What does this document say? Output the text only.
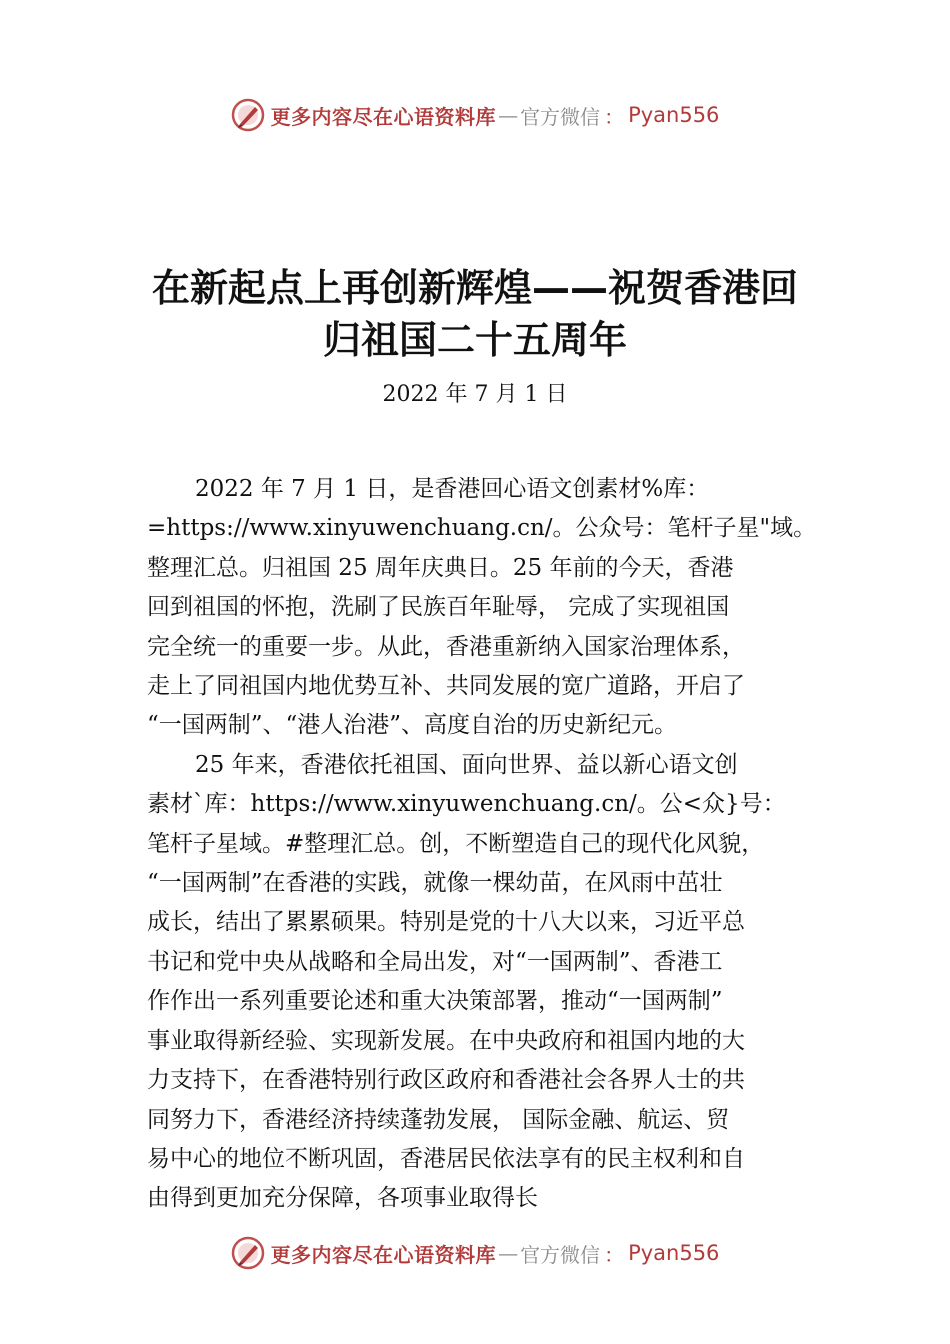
更多内容尽在心语资料库 — 官方微信 ： Pyan556
在新起点上再创新辉煌——祝贺香港回
归祖国二十五周年
2022 年 7 月 1 日
2022 年 7 月 1 日，是香港回心语文创素材%库：
=https://www.xinyuwenchuang.cn/。公众号：笔杆子星"域。
整理汇总。归祖国 25 周年庆典日。25 年前的今天，香港
回到祖国的怀抱，洗刷了民族百年耻辱， 完成了实现祖国
完全统一的重要一步。从此，香港重新纳入国家治理体系，
走上了同祖国内地优势互补、共同发展的宽广道路，开启了
“一国两制”、“港人治港”、高度自治的历史新纪元。
25 年来，香港依托祖国、面向世界、益以新心语文创
素材`库：https://www.xinyuwenchuang.cn/。公<众}号：
笔杆子星域。#整理汇总。创，不断塑造自己的现代化风貌，
“一国两制”在香港的实践，就像一棵幼苗，在风雨中茁壮
成长，结出了累累硕果。特别是党的十八大以来，习近平总
书记和党中央从战略和全局出发，对“一国两制”、香港工
作作出一系列重要论述和重大决策部署，推动“一国两制”
事业取得新经验、实现新发展。在中央政府和祖国内地的大
力支持下，在香港特别行政区政府和香港社会各界人士的共
同努力下，香港经济持续蓬勃发展， 国际金融、航运、贸
易中心的地位不断巩固，香港居民依法享有的民主权利和自
由得到更加充分保障，各项事业取得长
更多内容尽在心语资料库 — 官方微信 ： Pyan556
